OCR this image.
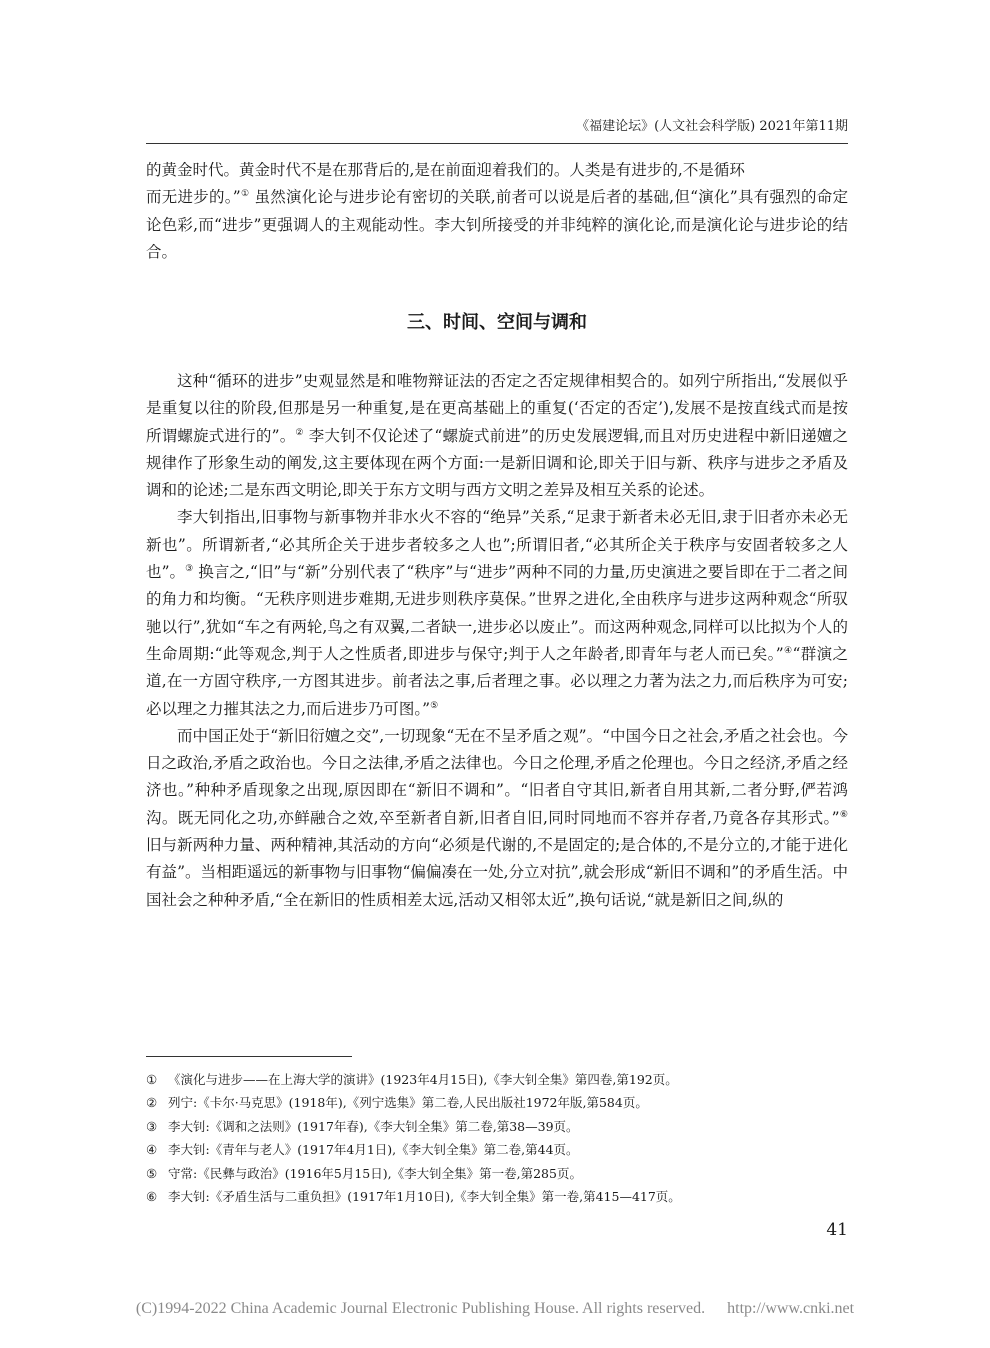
《福建论坛》(人文社会科学版) 2021年第11期

的黄金时代。黄金时代不是在那背后的,是在前面迎着我们的。人类是有进步的,不是循环
而无进步的。”① 虽然演化论与进步论有密切的关联,前者可以说是后者的基础,但“演化”具有强烈的命定论色彩,而“进步”更强调人的主观能动性。李大钊所接受的并非纯粹的演化论,而是演化论与进步论的结合。

三、时间、空间与调和

这种“循环的进步”史观显然是和唯物辩证法的否定之否定规律相契合的。如列宁所指出,“发展似乎是重复以往的阶段,但那是另一种重复,是在更高基础上的重复(‘否定的否定’),发展不是按直线式而是按所谓螺旋式进行的”。② 李大钊不仅论述了“螺旋式前进”的历史发展逻辑,而且对历史进程中新旧递嬗之规律作了形象生动的阐发,这主要体现在两个方面:一是新旧调和论,即关于旧与新、秩序与进步之矛盾及调和的论述;二是东西文明论,即关于东方文明与西方文明之差异及相互关系的论述。

李大钊指出,旧事物与新事物并非水火不容的“绝异”关系,“足隶于新者未必无旧,隶于旧者亦未必无新也”。所谓新者,“必其所企关于进步者较多之人也”;所谓旧者,“必其所企关于秩序与安固者较多之人也”。③ 换言之,“旧”与“新”分别代表了“秩序”与“进步”两种不同的力量,历史演进之要旨即在于二者之间的角力和均衡。“无秩序则进步难期,无进步则秩序莫保。”世界之进化,全由秩序与进步这两种观念“所驭驰以行”,犹如“车之有两轮,鸟之有双翼,二者缺一,进步必以废止”。而这两种观念,同样可以比拟为个人的生命周期:“此等观念,判于人之性质者,即进步与保守;判于人之年龄者,即青年与老人而已矣。”④“群演之道,在一方固守秩序,一方图其进步。前者法之事,后者理之事。必以理之力著为法之力,而后秩序为可安;必以理之力摧其法之力,而后进步乃可图。”⑤

而中国正处于“新旧衍嬗之交”,一切现象“无在不呈矛盾之观”。“中国今日之社会,矛盾之社会也。今日之政治,矛盾之政治也。今日之法律,矛盾之法律也。今日之伦理,矛盾之伦理也。今日之经济,矛盾之经济也。”种种矛盾现象之出现,原因即在“新旧不调和”。“旧者自守其旧,新者自用其新,二者分野,俨若鸿沟。既无同化之功,亦鲜融合之效,卒至新者自新,旧者自旧,同时同地而不容并存者,乃竟各存其形式。”⑥ 旧与新两种力量、两种精神,其活动的方向“必须是代谢的,不是固定的;是合体的,不是分立的,才能于进化有益”。当相距遥远的新事物与旧事物“偏偏凑在一处,分立对抗”,就会形成“新旧不调和”的矛盾生活。中国社会之种种矛盾,“全在新旧的性质相差太远,活动又相邻太近”,换句话说,“就是新旧之间,纵的

① 《演化与进步——在上海大学的演讲》(1923年4月15日),《李大钊全集》第四卷,第192页。
② 列宁:《卡尔·马克思》(1918年),《列宁选集》第二卷,人民出版社1972年版,第584页。
③ 李大钊:《调和之法则》(1917年春),《李大钊全集》第二卷,第38—39页。
④ 李大钊:《青年与老人》(1917年4月1日),《李大钊全集》第二卷,第44页。
⑤ 守常:《民彝与政治》(1916年5月15日),《李大钊全集》第一卷,第285页。
⑥ 李大钊:《矛盾生活与二重负担》(1917年1月10日),《李大钊全集》第一卷,第415—417页。
41
(C)1994-2022 China Academic Journal Electronic Publishing House. All rights reserved. http://www.cnki.net
